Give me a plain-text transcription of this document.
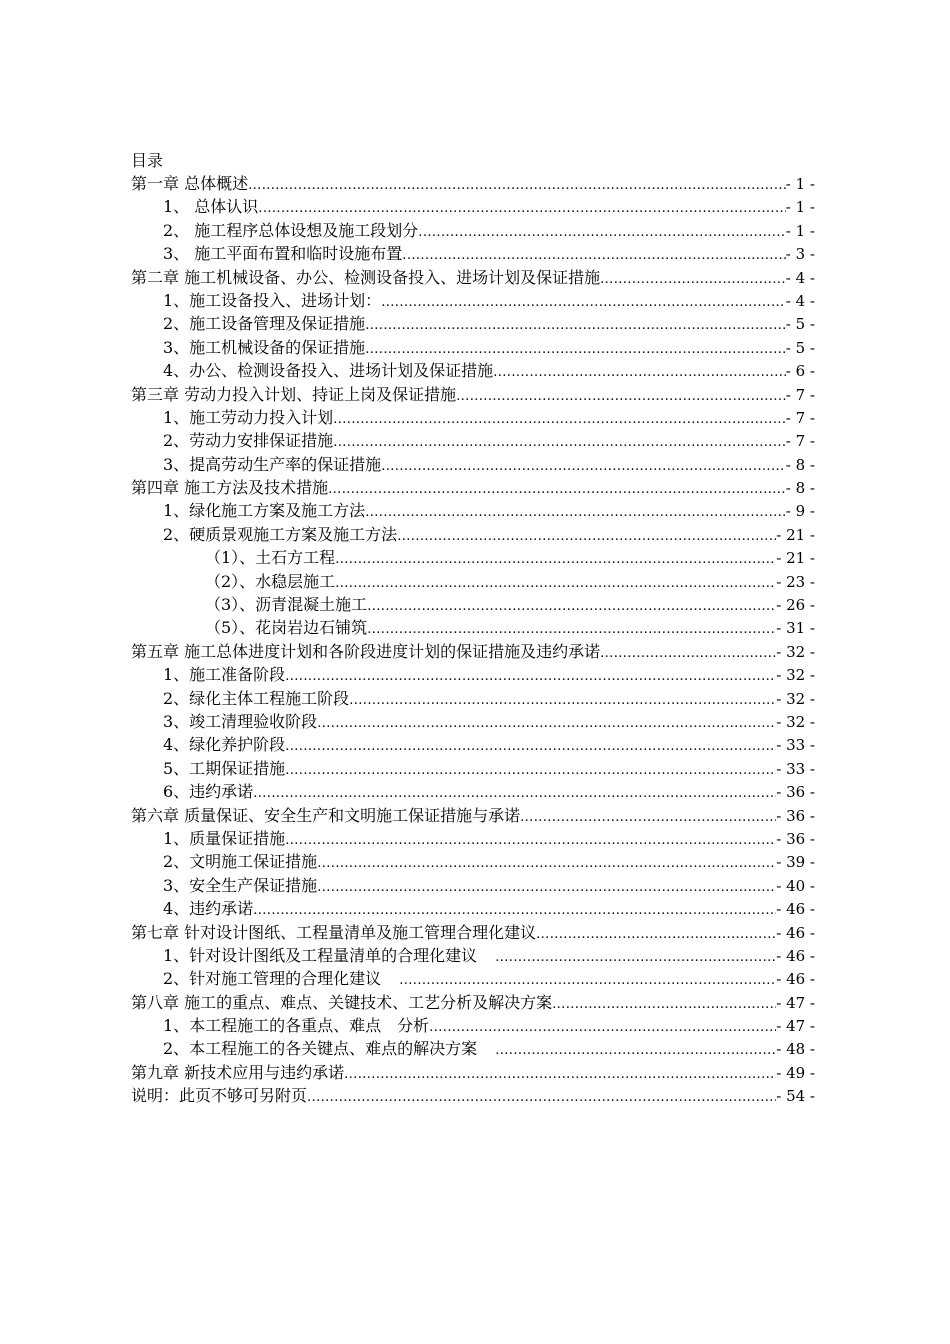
目录
第一章 总体概述 .....	- 1 -
1、 总体认识 .....	- 1 -
2、 施工程序总体设想及施工段划分 .....	- 1 -
3、 施工平面布置和临时设施布置 .....	- 3 -
第二章 施工机械设备、办公、检测设备投入、进场计划及保证措施 .....	- 4 -
1、施工设备投入、进场计划： .....	- 4 -
2、施工设备管理及保证措施 .....	- 5 -
3、施工机械设备的保证措施 .....	- 5 -
4、办公、检测设备投入、进场计划及保证措施 .....	- 6 -
第三章 劳动力投入计划、持证上岗及保证措施 .....	- 7 -
1、施工劳动力投入计划 .....	- 7 -
2、劳动力安排保证措施 .....	- 7 -
3、提高劳动生产率的保证措施 .....	- 8 -
第四章 施工方法及技术措施 .....	- 8 -
1、绿化施工方案及施工方法 .....	- 9 -
2、硬质景观施工方案及施工方法 .....	- 21 -
（1）、土石方工程 .....	- 21 -
（2）、水稳层施工 .....	- 23 -
（3）、沥青混凝土施工 .....	- 26 -
（5）、花岗岩边石铺筑 .....	- 31 -
第五章 施工总体进度计划和各阶段进度计划的保证措施及违约承诺 .....	- 32 -
1、施工准备阶段 .....	- 32 -
2、绿化主体工程施工阶段 .....	- 32 -
3、竣工清理验收阶段 .....	- 32 -
4、绿化养护阶段 .....	- 33 -
5、工期保证措施 .....	- 33 -
6、违约承诺 .....	- 36 -
第六章 质量保证、安全生产和文明施工保证措施与承诺 .....	- 36 -
1、质量保证措施 .....	- 36 -
2、文明施工保证措施 .....	- 39 -
3、安全生产保证措施 .....	- 40 -
4、违约承诺 .....	- 46 -
第七章 针对设计图纸、工程量清单及施工管理合理化建议 .....	- 46 -
1、针对设计图纸及工程量清单的合理化建议 .....	- 46 -
2、针对施工管理的合理化建议 .....	- 46 -
第八章 施工的重点、难点、关键技术、工艺分析及解决方案 .....	- 47 -
1、本工程施工的各重点、难点　分析 .....	- 47 -
2、本工程施工的各关键点、难点的解决方案 .....	- 48 -
第九章 新技术应用与违约承诺 .....	- 49 -
说明：此页不够可另附页 .....	- 54 -
